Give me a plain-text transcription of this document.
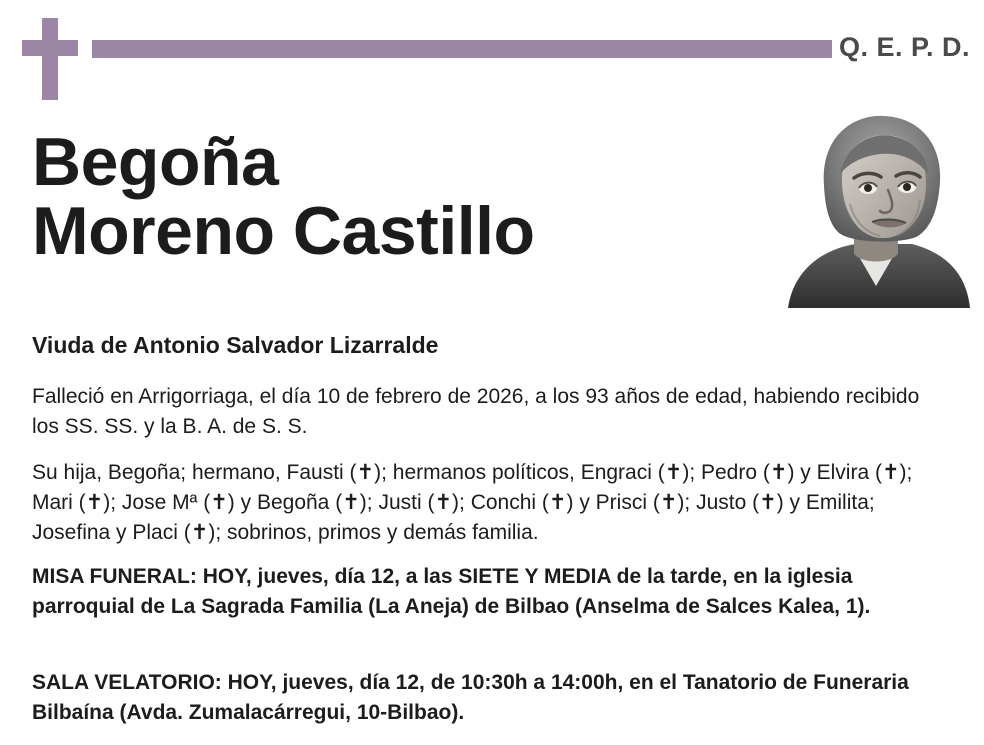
Q. E. P. D.
Begoña
Moreno Castillo
Viuda de Antonio Salvador Lizarralde
Falleció en Arrigorriaga, el día 10 de febrero de 2026, a los 93 años de edad, habiendo recibido los SS. SS. y la B. A. de S. S.
Su hija, Begoña; hermano, Fausti (✝); hermanos políticos, Engraci (✝); Pedro (✝) y Elvira (✝); Mari (✝); Jose Mª (✝) y Begoña (✝); Justi (✝); Conchi (✝) y Prisci (✝); Justo (✝) y Emilita; Josefina y Placi (✝); sobrinos, primos y demás familia.
MISA FUNERAL: HOY, jueves, día 12, a las SIETE Y MEDIA de la tarde, en la iglesia parroquial de La Sagrada Familia (La Aneja) de Bilbao (Anselma de Salces Kalea, 1).
SALA VELATORIO: HOY, jueves, día 12, de 10:30h a 14:00h, en el Tanatorio de Funeraria Bilbaína (Avda. Zumalacárregui, 10-Bilbao).
